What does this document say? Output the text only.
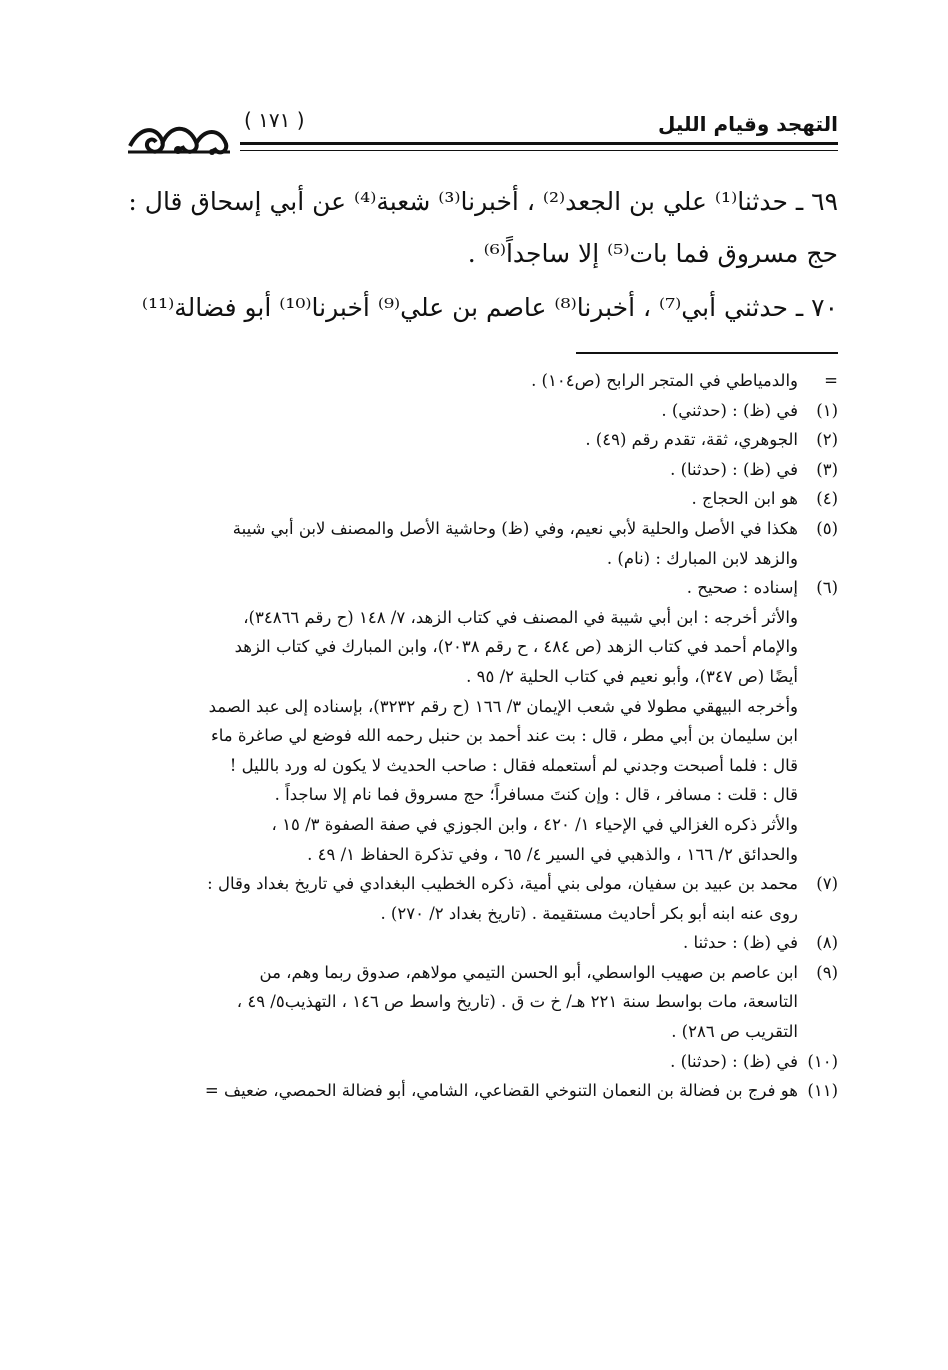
( ١٧١ )	التهجد وقيام الليل

٦٩ ـ حدثنا⁽¹⁾ علي بن الجعد⁽²⁾ ، أخبرنا⁽³⁾ شعبة⁽⁴⁾ عن أبي إسحاق قال :

حج مسروق فما بات⁽⁵⁾ إلا ساجداً⁽⁶⁾ .

٧٠ ـ حدثني أبي⁽⁷⁾ ، أخبرنا⁽⁸⁾ عاصم بن علي⁽⁹⁾ أخبرنا⁽¹⁰⁾ أبو فضالة⁽¹¹⁾

=
والدمياطي في المتجر الرابح (ص١٠٤) .
(١)
في (ظ) : (حدثني) .
(٢)
الجوهري، ثقة، تقدم رقم (٤٩) .
(٣)
في (ظ) : (حدثنا) .
(٤)
هو ابن الحجاج .
(٥)
هكذا في الأصل والحلية لأبي نعيم، وفي (ظ) وحاشية الأصل والمصنف لابن أبي شيبة
والزهد لابن المبارك : (نام) .
(٦)
إسناده : صحيح .
والأثر أخرجه : ابن أبي شيبة في المصنف في كتاب الزهد، ٧/ ١٤٨ (ح رقم ٣٤٨٦٦)،
والإمام أحمد في كتاب الزهد (ص ٤٨٤ ، ح رقم ٢٠٣٨)، وابن المبارك في كتاب الزهد
أيضًا (ص ٣٤٧)، وأبو نعيم في كتاب الحلية ٢/ ٩٥ .
وأخرجه البيهقي مطولا في شعب الإيمان ٣/ ١٦٦ (ح رقم ٣٢٣٢)، بإسناده إلى عبد الصمد
ابن سليمان بن أبي مطر ، قال : بت عند أحمد بن حنبل رحمه الله فوضع لي صاغرة ماء
قال : فلما أصبحت وجدني لم أستعمله فقال : صاحب الحديث لا يكون له ورد بالليل !
قال : قلت : مسافر ، قال : وإن كنتَ مسافراً؛ حج مسروق فما نام إلا ساجداً .
والأثر ذكره الغزالي في الإحياء ١/ ٤٢٠ ، وابن الجوزي في صفة الصفوة ٣/ ١٥ ،
والحدائق ٢/ ١٦٦ ، والذهبي في السير ٤/ ٦٥ ، وفي تذكرة الحفاظ ١/ ٤٩ .
(٧)
محمد بن عبيد بن سفيان، مولى بني أمية، ذكره الخطيب البغدادي في تاريخ بغداد وقال :
روى عنه ابنه أبو بكر أحاديث مستقيمة . (تاريخ بغداد ٢/ ٢٧٠) .
(٨)
في (ظ) : حدثنا .
(٩)
ابن عاصم بن صهيب الواسطي، أبو الحسن التيمي مولاهم، صدوق ربما وهم، من
التاسعة، مات بواسط سنة ٢٢١ هـ/ خ ت ق . (تاريخ واسط ص ١٤٦ ، التهذيب٥/ ٤٩ ،
التقريب ص ٢٨٦) .
(١٠)
في (ظ) : (حدثنا) .
(١١)
هو فرج بن فضالة بن النعمان التنوخي القضاعي، الشامي، أبو فضالة الحمصي، ضعيف =
